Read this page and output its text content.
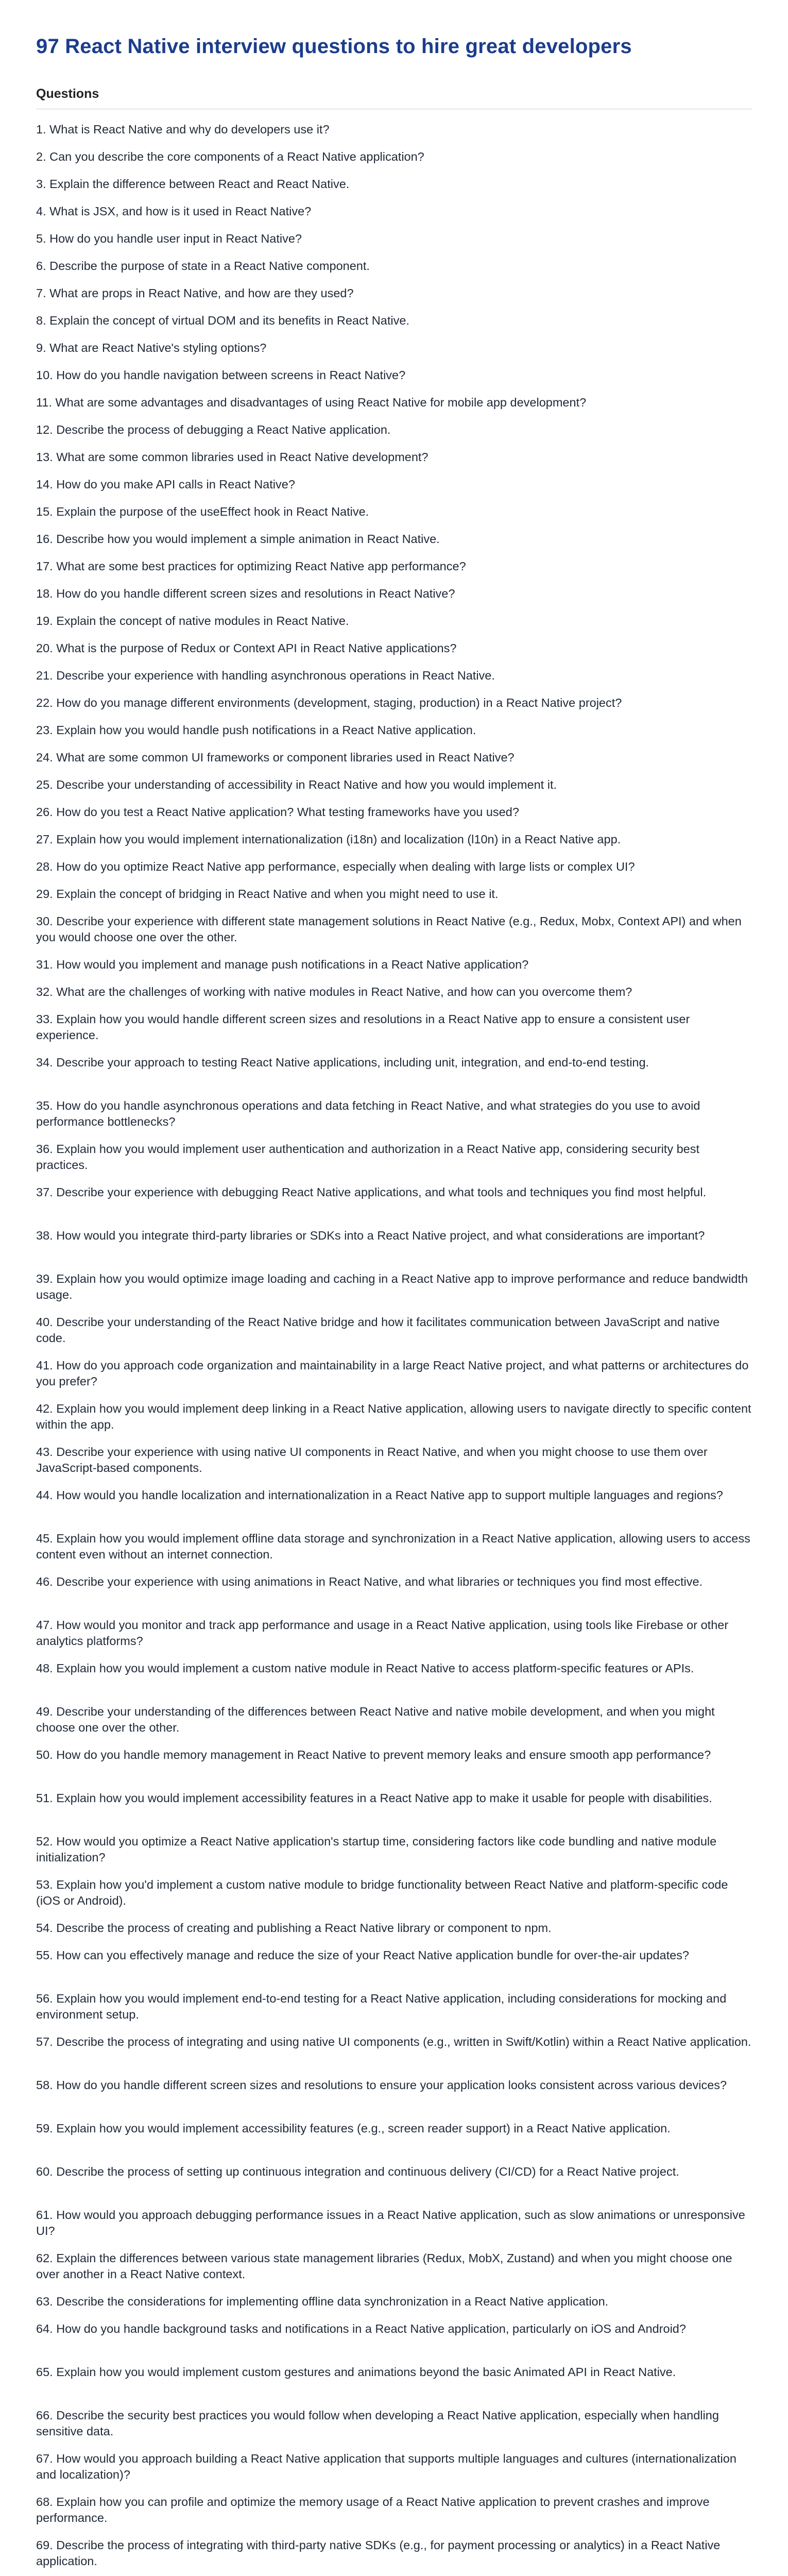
97 React Native interview questions to hire great developers
Questions
1. What is React Native and why do developers use it?
2. Can you describe the core components of a React Native application?
3. Explain the difference between React and React Native.
4. What is JSX, and how is it used in React Native?
5. How do you handle user input in React Native?
6. Describe the purpose of state in a React Native component.
7. What are props in React Native, and how are they used?
8. Explain the concept of virtual DOM and its benefits in React Native.
9. What are React Native's styling options?
10. How do you handle navigation between screens in React Native?
11. What are some advantages and disadvantages of using React Native for mobile app development?
12. Describe the process of debugging a React Native application.
13. What are some common libraries used in React Native development?
14. How do you make API calls in React Native?
15. Explain the purpose of the useEffect hook in React Native.
16. Describe how you would implement a simple animation in React Native.
17. What are some best practices for optimizing React Native app performance?
18. How do you handle different screen sizes and resolutions in React Native?
19. Explain the concept of native modules in React Native.
20. What is the purpose of Redux or Context API in React Native applications?
21. Describe your experience with handling asynchronous operations in React Native.
22. How do you manage different environments (development, staging, production) in a React Native project?
23. Explain how you would handle push notifications in a React Native application.
24. What are some common UI frameworks or component libraries used in React Native?
25. Describe your understanding of accessibility in React Native and how you would implement it.
26. How do you test a React Native application? What testing frameworks have you used?
27. Explain how you would implement internationalization (i18n) and localization (l10n) in a React Native app.
28. How do you optimize React Native app performance, especially when dealing with large lists or complex UI?
29. Explain the concept of bridging in React Native and when you might need to use it.
30. Describe your experience with different state management solutions in React Native (e.g., Redux, Mobx, Context API) and when you would choose one over the other.
31. How would you implement and manage push notifications in a React Native application?
32. What are the challenges of working with native modules in React Native, and how can you overcome them?
33. Explain how you would handle different screen sizes and resolutions in a React Native app to ensure a consistent user experience.
34. Describe your approach to testing React Native applications, including unit, integration, and end-to-end testing.
35. How do you handle asynchronous operations and data fetching in React Native, and what strategies do you use to avoid performance bottlenecks?
36. Explain how you would implement user authentication and authorization in a React Native app, considering security best practices.
37. Describe your experience with debugging React Native applications, and what tools and techniques you find most helpful.
38. How would you integrate third-party libraries or SDKs into a React Native project, and what considerations are important?
39. Explain how you would optimize image loading and caching in a React Native app to improve performance and reduce bandwidth usage.
40. Describe your understanding of the React Native bridge and how it facilitates communication between JavaScript and native code.
41. How do you approach code organization and maintainability in a large React Native project, and what patterns or architectures do you prefer?
42. Explain how you would implement deep linking in a React Native application, allowing users to navigate directly to specific content within the app.
43. Describe your experience with using native UI components in React Native, and when you might choose to use them over JavaScript-based components.
44. How would you handle localization and internationalization in a React Native app to support multiple languages and regions?
45. Explain how you would implement offline data storage and synchronization in a React Native application, allowing users to access content even without an internet connection.
46. Describe your experience with using animations in React Native, and what libraries or techniques you find most effective.
47. How would you monitor and track app performance and usage in a React Native application, using tools like Firebase or other analytics platforms?
48. Explain how you would implement a custom native module in React Native to access platform-specific features or APIs.
49. Describe your understanding of the differences between React Native and native mobile development, and when you might choose one over the other.
50. How do you handle memory management in React Native to prevent memory leaks and ensure smooth app performance?
51. Explain how you would implement accessibility features in a React Native app to make it usable for people with disabilities.
52. How would you optimize a React Native application's startup time, considering factors like code bundling and native module initialization?
53. Explain how you'd implement a custom native module to bridge functionality between React Native and platform-specific code (iOS or Android).
54. Describe the process of creating and publishing a React Native library or component to npm.
55. How can you effectively manage and reduce the size of your React Native application bundle for over-the-air updates?
56. Explain how you would implement end-to-end testing for a React Native application, including considerations for mocking and environment setup.
57. Describe the process of integrating and using native UI components (e.g., written in Swift/Kotlin) within a React Native application.
58. How do you handle different screen sizes and resolutions to ensure your application looks consistent across various devices?
59. Explain how you would implement accessibility features (e.g., screen reader support) in a React Native application.
60. Describe the process of setting up continuous integration and continuous delivery (CI/CD) for a React Native project.
61. How would you approach debugging performance issues in a React Native application, such as slow animations or unresponsive UI?
62. Explain the differences between various state management libraries (Redux, MobX, Zustand) and when you might choose one over another in a React Native context.
63. Describe the considerations for implementing offline data synchronization in a React Native application.
64. How do you handle background tasks and notifications in a React Native application, particularly on iOS and Android?
65. Explain how you would implement custom gestures and animations beyond the basic Animated API in React Native.
66. Describe the security best practices you would follow when developing a React Native application, especially when handling sensitive data.
67. How would you approach building a React Native application that supports multiple languages and cultures (internationalization and localization)?
68. Explain how you can profile and optimize the memory usage of a React Native application to prevent crashes and improve performance.
69. Describe the process of integrating with third-party native SDKs (e.g., for payment processing or analytics) in a React Native application.
